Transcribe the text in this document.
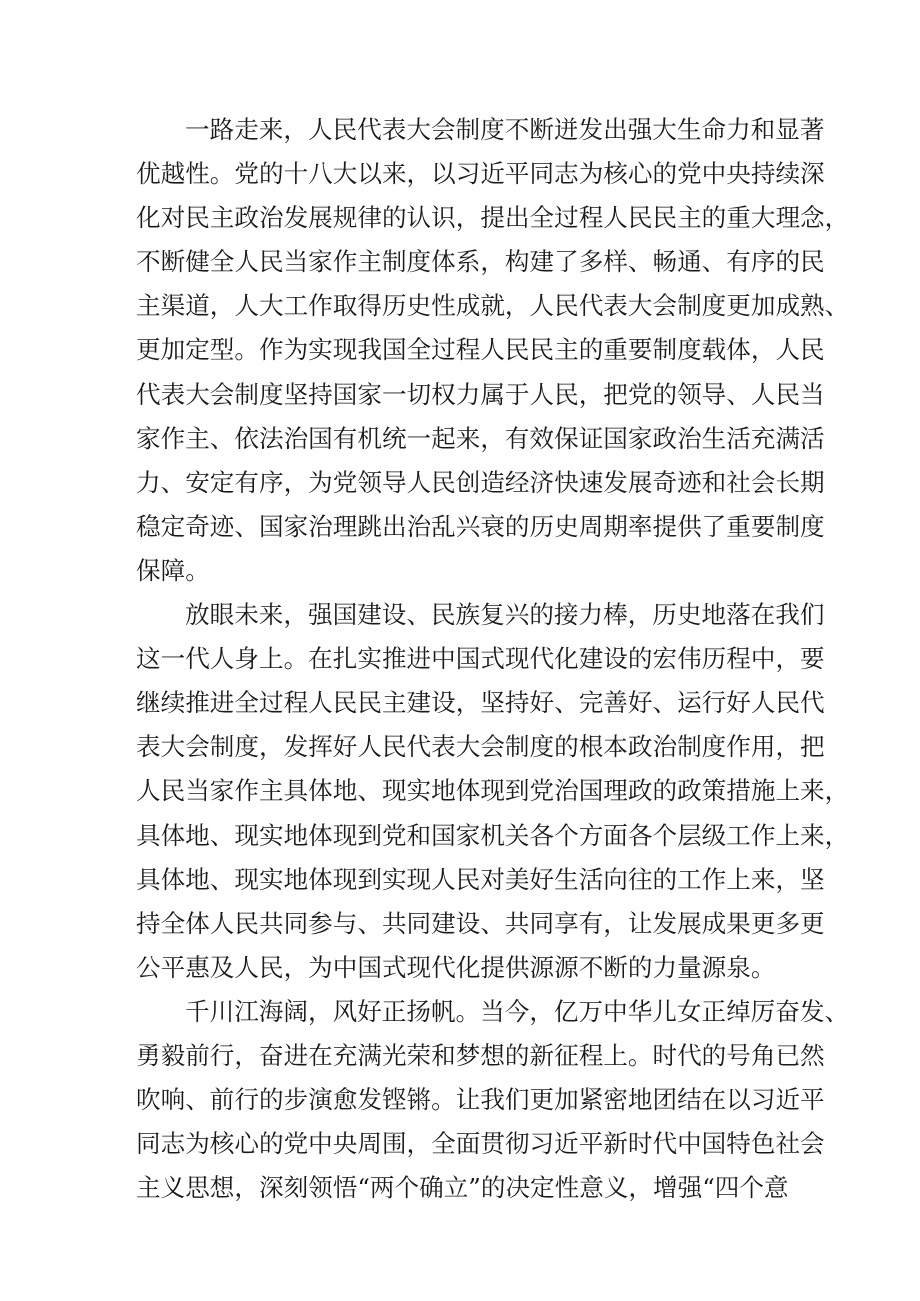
一路走来，人民代表大会制度不断迸发出强大生命力和显著
优越性。党的十八大以来，以习近平同志为核心的党中央持续深
化对民主政治发展规律的认识，提出全过程人民民主的重大理念，
不断健全人民当家作主制度体系，构建了多样、畅通、有序的民
主渠道，人大工作取得历史性成就，人民代表大会制度更加成熟、
更加定型。作为实现我国全过程人民民主的重要制度载体，人民
代表大会制度坚持国家一切权力属于人民，把党的领导、人民当
家作主、依法治国有机统一起来，有效保证国家政治生活充满活
力、安定有序，为党领导人民创造经济快速发展奇迹和社会长期
稳定奇迹、国家治理跳出治乱兴衰的历史周期率提供了重要制度
保障。
放眼未来，强国建设、民族复兴的接力棒，历史地落在我们
这一代人身上。在扎实推进中国式现代化建设的宏伟历程中，要
继续推进全过程人民民主建设，坚持好、完善好、运行好人民代
表大会制度，发挥好人民代表大会制度的根本政治制度作用，把
人民当家作主具体地、现实地体现到党治国理政的政策措施上来，
具体地、现实地体现到党和国家机关各个方面各个层级工作上来，
具体地、现实地体现到实现人民对美好生活向往的工作上来，坚
持全体人民共同参与、共同建设、共同享有，让发展成果更多更
公平惠及人民，为中国式现代化提供源源不断的力量源泉。
千川江海阔，风好正扬帆。当今，亿万中华儿女正绰厉奋发、
勇毅前行，奋进在充满光荣和梦想的新征程上。时代的号角已然
吹响、前行的步演愈发铿锵。让我们更加紧密地团结在以习近平
同志为核心的党中央周围，全面贯彻习近平新时代中国特色社会
主义思想，深刻领悟“两个确立”的决定性意义，增强“四个意
